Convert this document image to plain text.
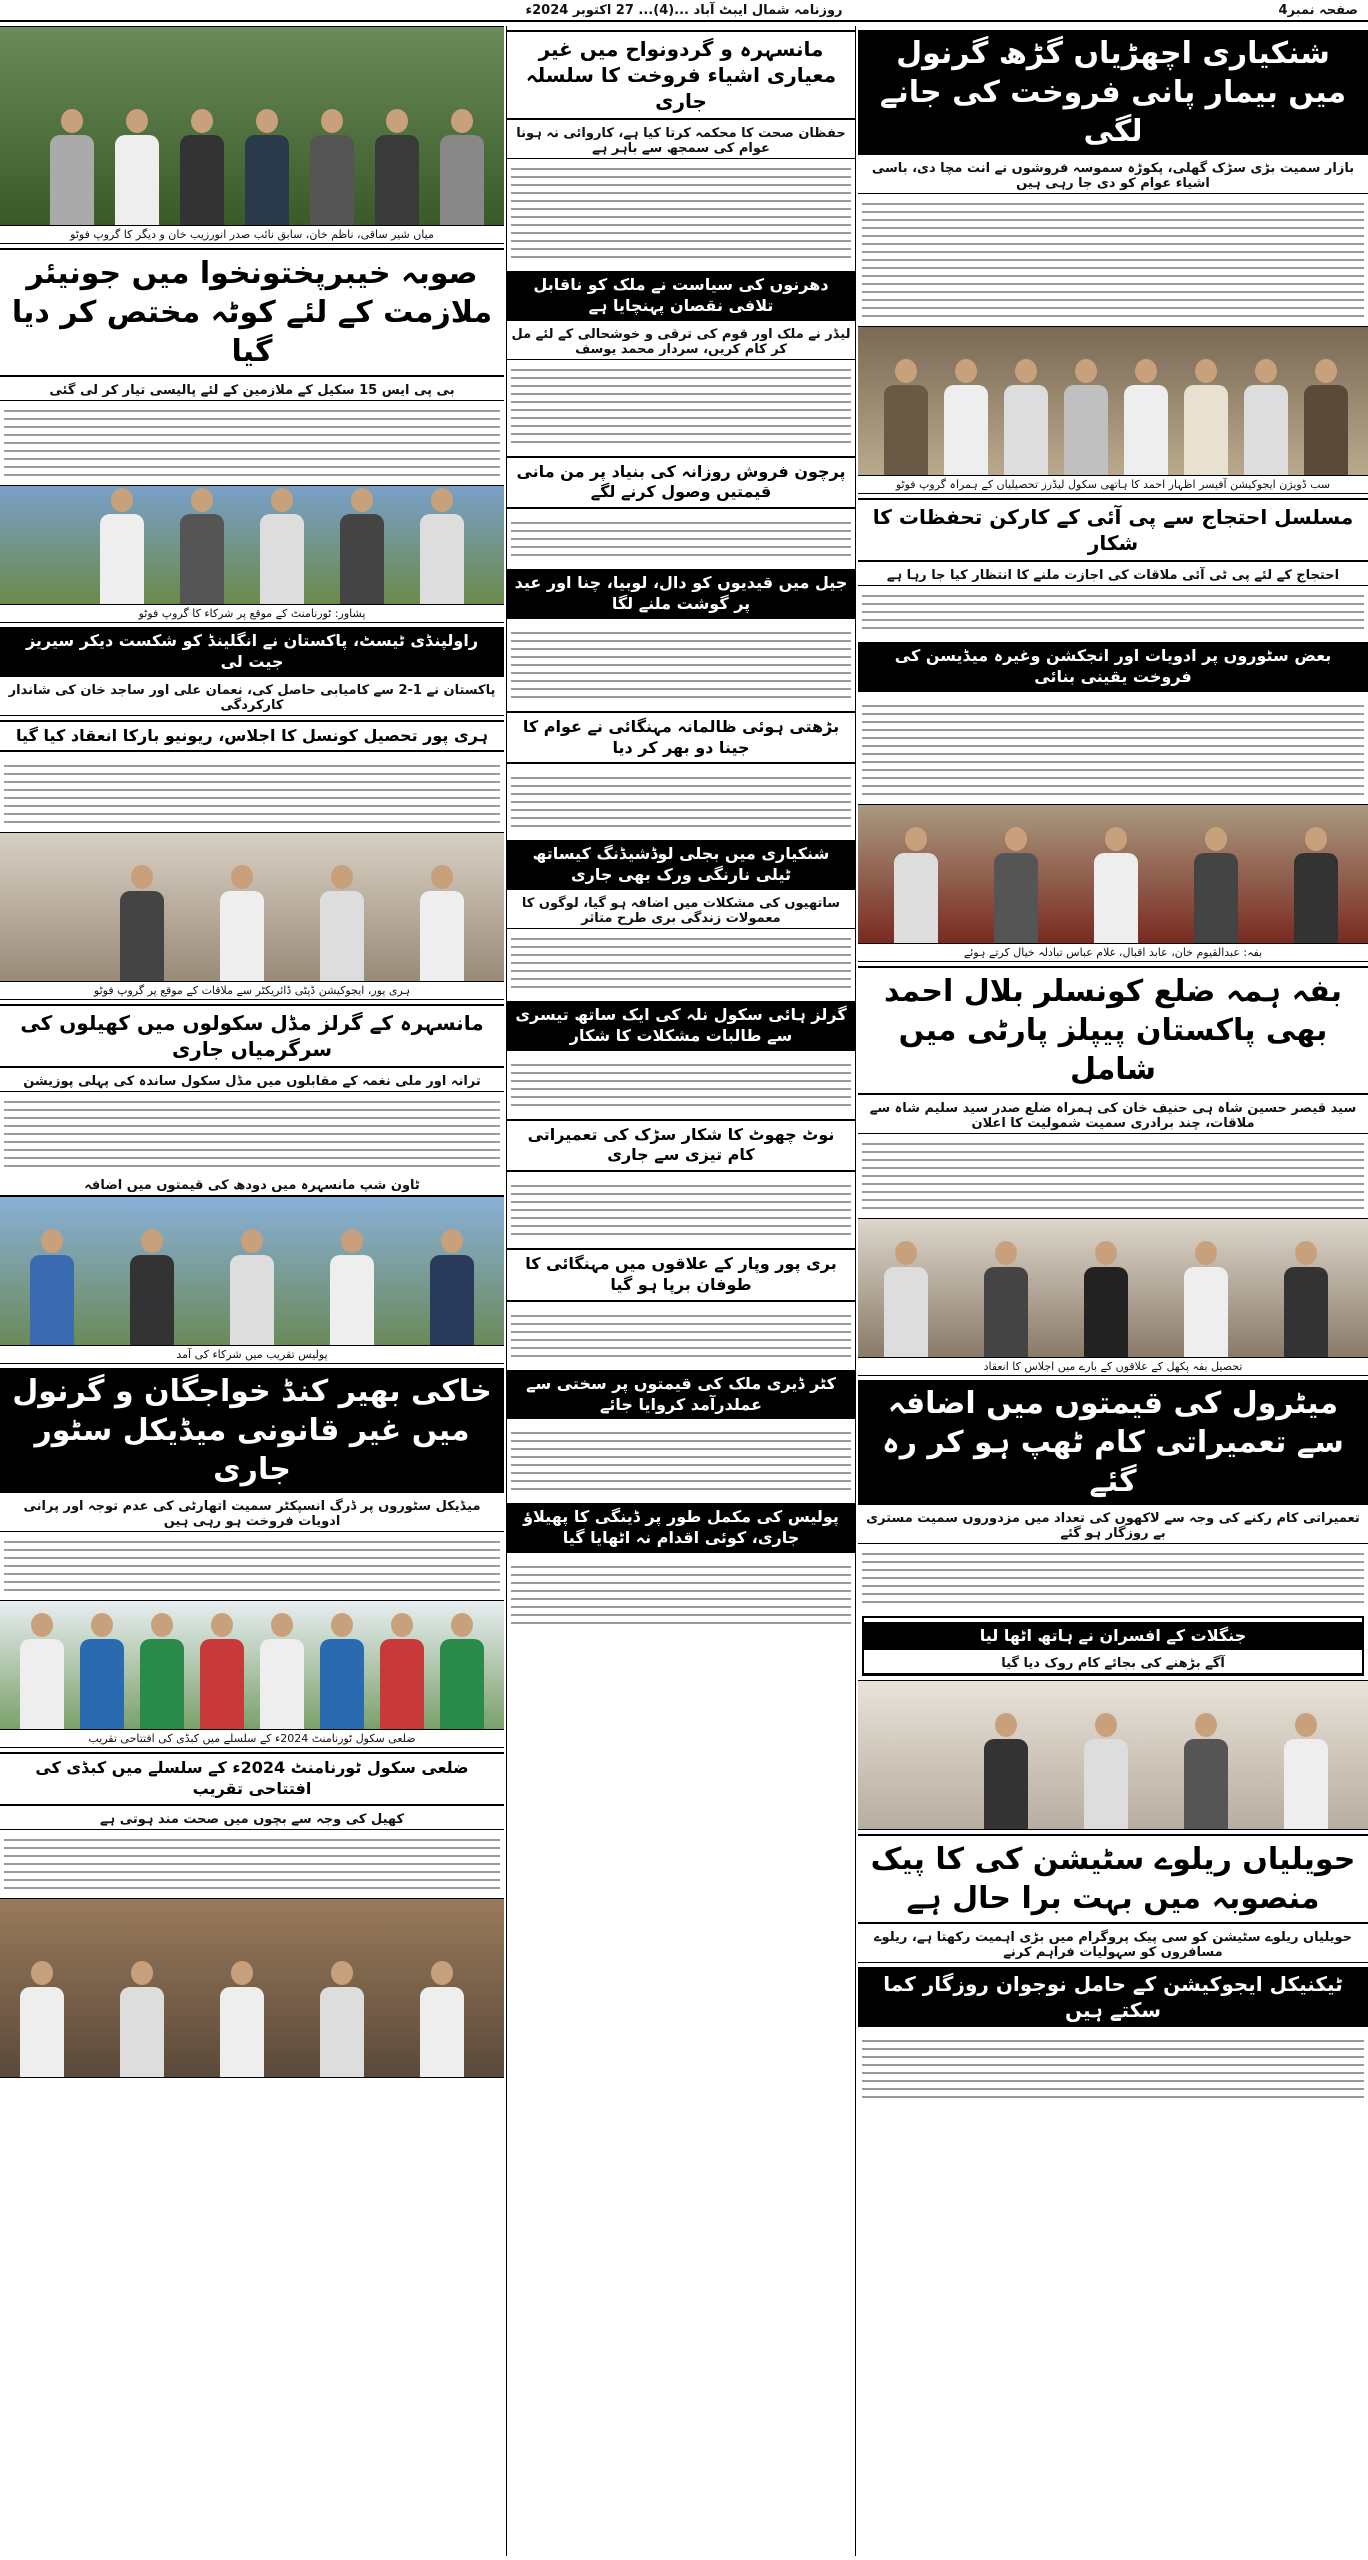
صفحہ نمبر4
روزنامہ شمال ایبٹ آباد ...(4)... 27 اکتوبر 2024ء
شنکیاری اچھڑیاں گڑھ گرنول میں بیمار پانی فروخت کی جانے لگی
بازار سمیت بڑی سڑک گھلی، پکوڑہ سموسہ فروشوں نے انت مچا دی، باسی اشیاء عوام کو دی جا رہی ہیں
سب ڈویژن ایجوکیشن آفیسر اظہار احمد کا ہاتھی سکول لیڈرز تحصیلیاں کے ہمراہ گروپ فوٹو
مسلسل احتجاج سے پی آئی کے کارکن تحفظات کا شکار
احتجاج کے لئے پی ٹی آئی ملاقات کی اجازت ملنے کا انتظار کیا جا رہا ہے
بعض سٹوروں پر ادویات اور انجکشن وغیرہ میڈیسن کی فروخت یقینی بنائی
بفہ: عبدالقیوم خان، عابد اقبال، غلام عباس تبادلہ خیال کرتے ہوئے
بفہ ہمہ ضلع کونسلر بلال احمد بھی پاکستان پیپلز پارٹی میں شامل
سید قیصر حسین شاہ ہی حنیف خان کی ہمراہ ضلع صدر سید سلیم شاہ سے ملاقات، چند برادری سمیت شمولیت کا اعلان
تحصیل بفہ پکھل کے علاقوں کے بارے میں اجلاس کا انعقاد
میٹرول کی قیمتوں میں اضافہ سے تعمیراتی کام ٹھپ ہو کر رہ گئے
تعمیراتی کام رکنے کی وجہ سے لاکھوں کی تعداد میں مزدوروں سمیت مستری بے روزگار ہو گئے
جنگلات کے افسران نے ہاتھ اٹھا لیا
آگے بڑھنے کی بجائے کام روک دیا گیا
حویلیاں ریلوے سٹیشن کی کا پیک منصوبہ میں بہت برا حال ہے
حویلیاں ریلوے سٹیشن کو سی پیک پروگرام میں بڑی اہمیت رکھتا ہے، ریلوے مسافروں کو سہولیات فراہم کرنے
ٹیکنیکل ایجوکیشن کے حامل نوجوان روزگار کما سکتے ہیں
مانسہرہ و گردونواح میں غیر معیاری اشیاء فروخت کا سلسلہ جاری
حفظان صحت کا محکمہ کرتا کیا ہے، کاروائی نہ ہونا عوام کی سمجھ سے باہر ہے
دھرنوں کی سیاست نے ملک کو ناقابل تلافی نقصان پہنچایا ہے
لیڈر نے ملک اور قوم کی ترقی و خوشحالی کے لئے مل کر کام کریں، سردار محمد یوسف
پرچون فروش روزانہ کی بنیاد پر من مانی قیمتیں وصول کرنے لگے
جیل میں قیدیوں کو دال، لوبیا، چنا اور عید پر گوشت ملنے لگا
بڑھتی ہوئی ظالمانہ مہنگائی نے عوام کا جینا دو بھر کر دیا
شنکیاری میں بجلی لوڈشیڈنگ کیساتھ ٹیلی نارنگی ورک بھی جاری
ساتھیوں کی مشکلات میں اضافہ ہو گیا، لوگوں کا معمولات زندگی بری طرح متاثر
گرلز ہائی سکول نلہ کی ایک ساتھ تیسری سے طالبات مشکلات کا شکار
نوٹ چھوٹ کا شکار سڑک کی تعمیراتی کام تیزی سے جاری
بری پور وپار کے علاقوں میں مہنگائی کا طوفان برپا ہو گیا
کٹر ڈیری ملک کی قیمتوں پر سختی سے عملدرآمد کروایا جائے
پولیس کی مکمل طور پر ڈینگی کا پھیلاؤ جاری، کوئی اقدام نہ اٹھایا گیا
میاں شیر ساقی، ناظم خان، سابق نائب صدر انورزیب خان و دیگر کا گروپ فوٹو
صوبہ خیبرپختونخوا میں جونیئر ملازمت کے لئے کوٹہ مختص کر دیا گیا
بی پی ایس 15 سکیل کے ملازمین کے لئے پالیسی تیار کر لی گئی
پشاور: ٹورنامنٹ کے موقع پر شرکاء کا گروپ فوٹو
راولپنڈی ٹیسٹ، پاکستان نے انگلینڈ کو شکست دیکر سیریز جیت لی
پاکستان نے 1-2 سے کامیابی حاصل کی، نعمان علی اور ساجد خان کی شاندار کارکردگی
ہری پور تحصیل کونسل کا اجلاس، ریونیو بارکا انعقاد کیا گیا
ہری پور، ایجوکیشن ڈپٹی ڈائریکٹر سے ملاقات کے موقع پر گروپ فوٹو
مانسہرہ کے گرلز مڈل سکولوں میں کھیلوں کی سرگرمیاں جاری
ترانہ اور ملی نغمہ کے مقابلوں میں مڈل سکول ساندہ کی پہلی پوزیشن
ٹاون شپ مانسہرہ میں دودھ کی قیمتوں میں اضافہ
پولیس تقریب میں شرکاء کی آمد
خاکی بھیر کنڈ خواجگان و گرنول میں غیر قانونی میڈیکل سٹور جاری
میڈیکل سٹوروں پر ڈرگ انسپکٹر سمیت اتھارٹی کی عدم توجہ اور پرانی ادویات فروخت ہو رہی ہیں
ضلعی سکول ٹورنامنٹ 2024ء کے سلسلے میں کبڈی کی افتتاحی تقریب
ضلعی سکول ٹورنامنٹ 2024ء کے سلسلے میں کبڈی کی افتتاحی تقریب
کھیل کی وجہ سے بچوں میں صحت مند ہوتی ہے
